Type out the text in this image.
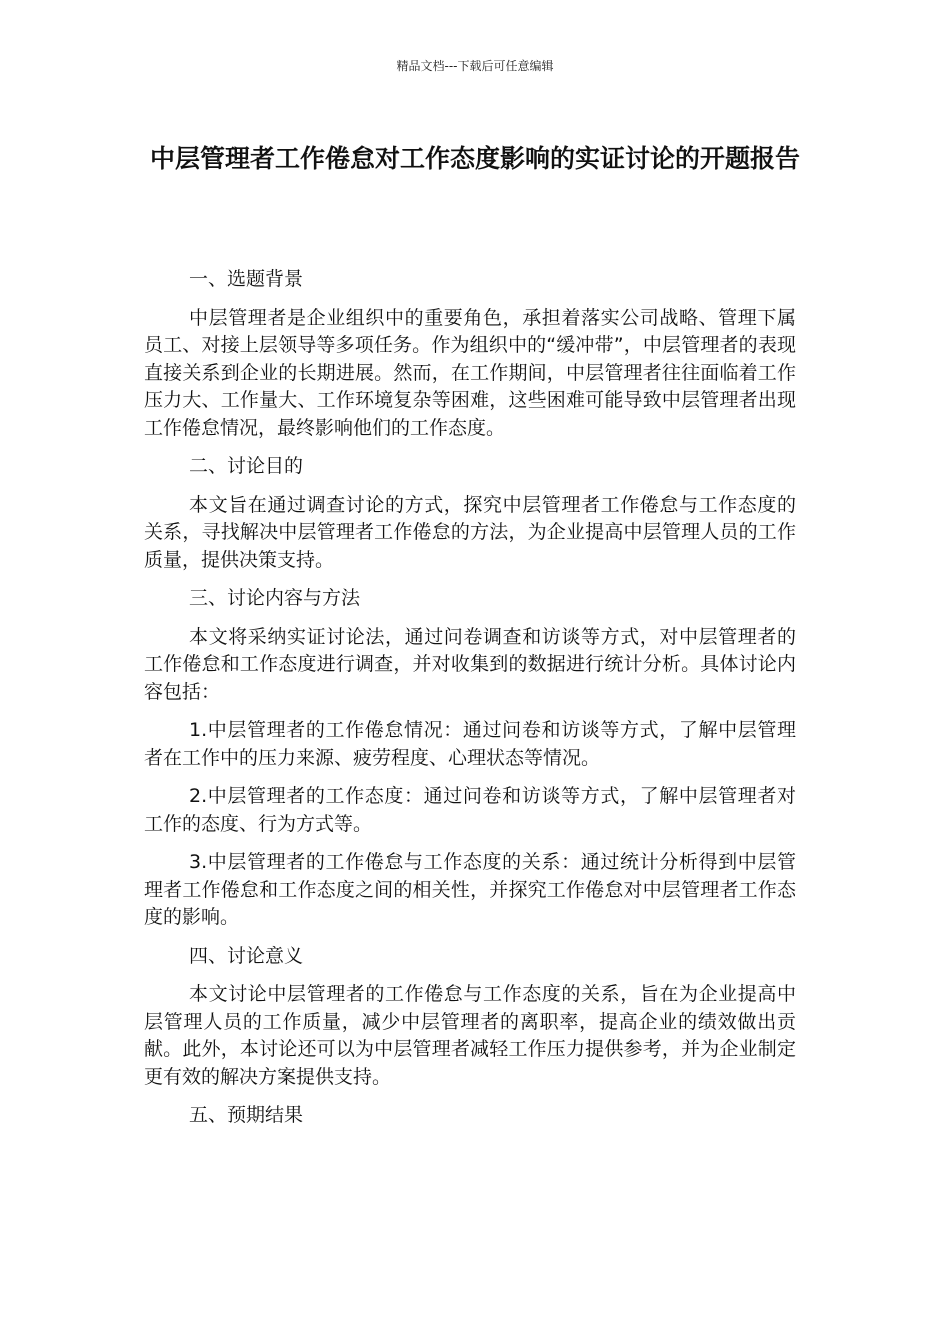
精品文档---下载后可任意编辑
中层管理者工作倦怠对工作态度影响的实证讨论的开题报告
一、选题背景

中层管理者是企业组织中的重要角色，承担着落实公司战略、管理下属员工、对接上层领导等多项任务。作为组织中的“缓冲带”，中层管理者的表现直接关系到企业的长期进展。然而，在工作期间，中层管理者往往面临着工作压力大、工作量大、工作环境复杂等困难，这些困难可能导致中层管理者出现工作倦怠情况，最终影响他们的工作态度。

二、讨论目的

本文旨在通过调查讨论的方式，探究中层管理者工作倦怠与工作态度的关系，寻找解决中层管理者工作倦怠的方法，为企业提高中层管理人员的工作质量，提供决策支持。

三、讨论内容与方法

本文将采纳实证讨论法，通过问卷调查和访谈等方式，对中层管理者的工作倦怠和工作态度进行调查，并对收集到的数据进行统计分析。具体讨论内容包括：

1.中层管理者的工作倦怠情况：通过问卷和访谈等方式，了解中层管理者在工作中的压力来源、疲劳程度、心理状态等情况。

2.中层管理者的工作态度：通过问卷和访谈等方式，了解中层管理者对工作的态度、行为方式等。

3.中层管理者的工作倦怠与工作态度的关系：通过统计分析得到中层管理者工作倦怠和工作态度之间的相关性，并探究工作倦怠对中层管理者工作态度的影响。

四、讨论意义

本文讨论中层管理者的工作倦怠与工作态度的关系，旨在为企业提高中层管理人员的工作质量，减少中层管理者的离职率，提高企业的绩效做出贡献。此外，本讨论还可以为中层管理者减轻工作压力提供参考，并为企业制定更有效的解决方案提供支持。

五、预期结果
